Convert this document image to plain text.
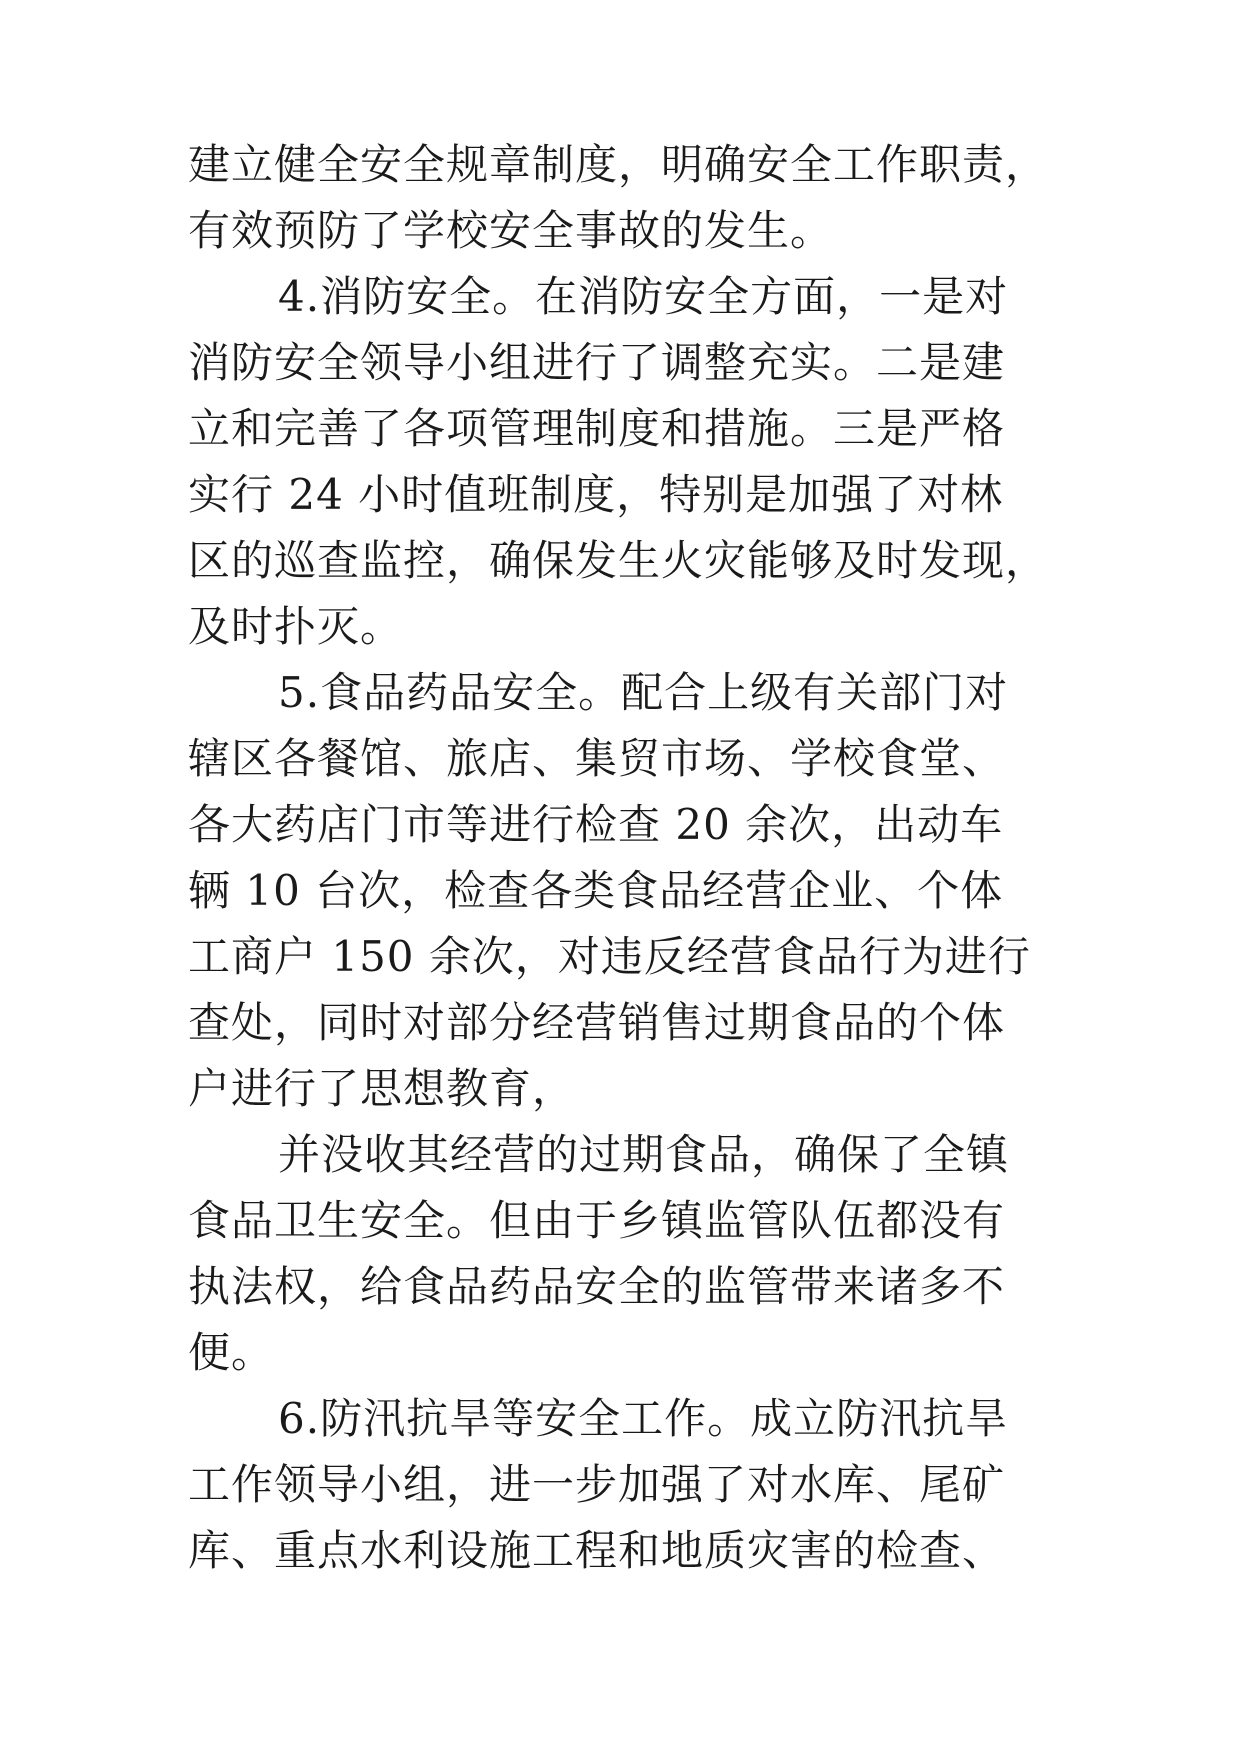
建立健全安全规章制度，明确安全工作职责，
有效预防了学校安全事故的发生。
4.消防安全。在消防安全方面，一是对
消防安全领导小组进行了调整充实。二是建
立和完善了各项管理制度和措施。三是严格
实行 24 小时值班制度，特别是加强了对林
区的巡查监控，确保发生火灾能够及时发现，
及时扑灭。
5.食品药品安全。配合上级有关部门对
辖区各餐馆、旅店、集贸市场、学校食堂、
各大药店门市等进行检查 20 余次，出动车
辆 10 台次，检查各类食品经营企业、个体
工商户 150 余次，对违反经营食品行为进行
查处，同时对部分经营销售过期食品的个体
户进行了思想教育，
并没收其经营的过期食品，确保了全镇
食品卫生安全。但由于乡镇监管队伍都没有
执法权，给食品药品安全的监管带来诸多不
便。
6.防汛抗旱等安全工作。成立防汛抗旱
工作领导小组，进一步加强了对水库、尾矿
库、重点水利设施工程和地质灾害的检查、
